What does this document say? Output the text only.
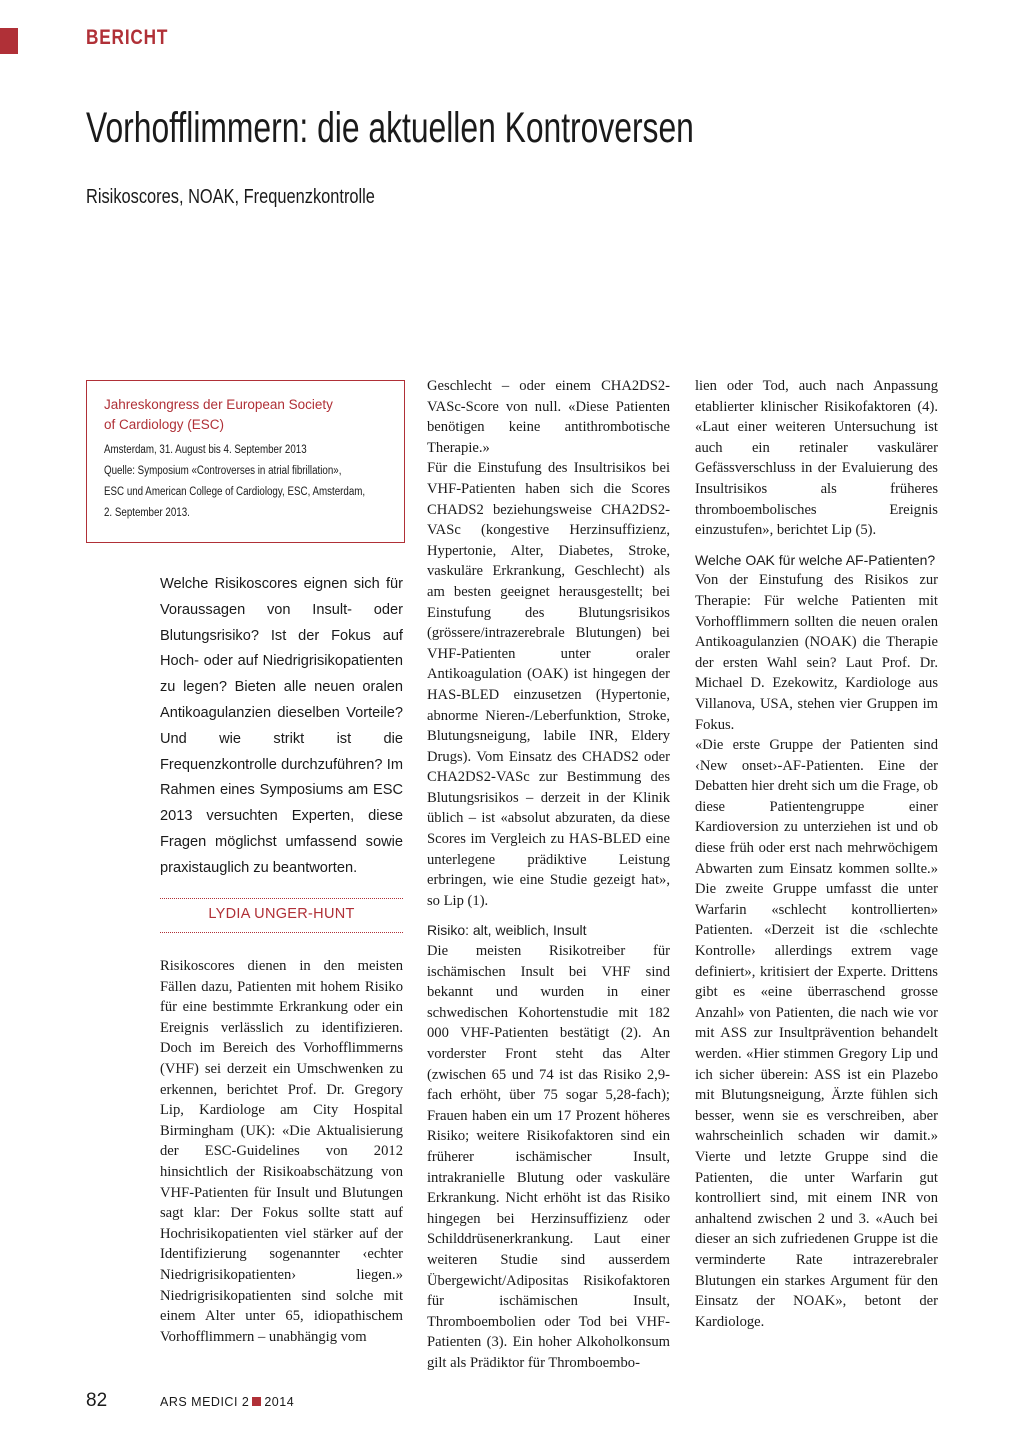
BERICHT
Vorhofflimmern: die aktuellen Kontroversen
Risikoscores, NOAK, Frequenzkontrolle

Jahreskongress der European Society
of Cardiology (ESC)

Amsterdam, 31. August bis 4. September 2013

Quelle: Symposium «Controverses in atrial fibrillation»,

ESC und American College of Cardiology, ESC, Amsterdam,

2. September 2013.

Welche Risikoscores eignen sich für Voraussagen von Insult- oder Blutungsrisiko? Ist der Fokus auf Hoch- oder auf Niedrigrisikopatienten zu legen? Bieten alle neuen oralen Antikoagulanzien dieselben Vorteile? Und wie strikt ist die Frequenzkontrolle durchzuführen? Im Rahmen eines Symposiums am ESC 2013 versuchten Experten, diese Fragen möglichst umfassend sowie praxistauglich zu beantworten.

LYDIA UNGER-HUNT

Risikoscores dienen in den meisten Fällen dazu, Patienten mit hohem Risiko für eine bestimmte Erkrankung oder ein Ereignis verlässlich zu identifizieren. Doch im Bereich des Vorhofflimmerns (VHF) sei derzeit ein Umschwenken zu erkennen, berichtet Prof. Dr. Gregory Lip, Kardiologe am City Hospital Birmingham (UK): «Die Aktualisierung der ESC-Guidelines von 2012 hinsichtlich der Risikoabschätzung von VHF-Patienten für Insult und Blutungen sagt klar: Der Fokus sollte statt auf Hochrisikopatienten viel stärker auf der Identifizierung sogenannter ‹echter Niedrigrisikopatienten› liegen.» Niedrigrisikopatienten sind solche mit einem Alter unter 65, idiopathischem Vorhofflimmern – unabhängig vom

Geschlecht – oder einem CHA2DS2-VASc-Score von null. «Diese Patienten benötigen keine antithrombotische Therapie.»

Für die Einstufung des Insultrisikos bei VHF-Patienten haben sich die Scores CHADS2 beziehungsweise CHA2DS2-VASc (kongestive Herzinsuffizienz, Hypertonie, Alter, Diabetes, Stroke, vaskuläre Erkrankung, Geschlecht) als am besten geeignet herausgestellt; bei Einstufung des Blutungsrisikos (grössere/intrazerebrale Blutungen) bei VHF-Patienten unter oraler Antikoagulation (OAK) ist hingegen der HAS-BLED einzusetzen (Hypertonie, abnorme Nieren-/Leberfunktion, Stroke, Blutungsneigung, labile INR, Eldery Drugs). Vom Einsatz des CHADS2 oder CHA2DS2-VASc zur Bestimmung des Blutungsrisikos – derzeit in der Klinik üblich – ist «absolut abzuraten, da diese Scores im Vergleich zu HAS-BLED eine unterlegene prädiktive Leistung erbringen, wie eine Studie gezeigt hat», so Lip (1).

Risiko: alt, weiblich, Insult

Die meisten Risikotreiber für ischämischen Insult bei VHF sind bekannt und wurden in einer schwedischen Kohortenstudie mit 182 000 VHF-Patienten bestätigt (2). An vorderster Front steht das Alter (zwischen 65 und 74 ist das Risiko 2,9-fach erhöht, über 75 sogar 5,28-fach); Frauen haben ein um 17 Prozent höheres Risiko; weitere Risikofaktoren sind ein früherer ischämischer Insult, intrakranielle Blutung oder vaskuläre Erkrankung. Nicht erhöht ist das Risiko hingegen bei Herzinsuffizienz oder Schilddrüsenerkrankung. Laut einer weiteren Studie sind ausserdem Übergewicht/Adipositas Risikofaktoren für ischämischen Insult, Thromboembolien oder Tod bei VHF-Patienten (3). Ein hoher Alkoholkonsum gilt als Prädiktor für Thromboembo-

lien oder Tod, auch nach Anpassung etablierter klinischer Risikofaktoren (4). «Laut einer weiteren Untersuchung ist auch ein retinaler vaskulärer Gefässverschluss in der Evaluierung des Insultrisikos als früheres thromboembolisches Ereignis einzustufen», berichtet Lip (5).

Welche OAK für welche AF-Patienten?

Von der Einstufung des Risikos zur Therapie: Für welche Patienten mit Vorhofflimmern sollten die neuen oralen Antikoagulanzien (NOAK) die Therapie der ersten Wahl sein? Laut Prof. Dr. Michael D. Ezekowitz, Kardiologe aus Villanova, USA, stehen vier Gruppen im Fokus.

«Die erste Gruppe der Patienten sind ‹New onset›-AF-Patienten. Eine der Debatten hier dreht sich um die Frage, ob diese Patientengruppe einer Kardioversion zu unterziehen ist und ob diese früh oder erst nach mehrwöchigem Abwarten zum Einsatz kommen sollte.» Die zweite Gruppe umfasst die unter Warfarin «schlecht kontrollierten» Patienten. «Derzeit ist die ‹schlechte Kontrolle› allerdings extrem vage definiert», kritisiert der Experte. Drittens gibt es «eine überraschend grosse Anzahl» von Patienten, die nach wie vor mit ASS zur Insultprävention behandelt werden. «Hier stimmen Gregory Lip und ich sicher überein: ASS ist ein Plazebo mit Blutungsneigung, Ärzte fühlen sich besser, wenn sie es verschreiben, aber wahrscheinlich schaden wir damit.» Vierte und letzte Gruppe sind die Patienten, die unter Warfarin gut kontrolliert sind, mit einem INR von anhaltend zwischen 2 und 3. «Auch bei dieser an sich zufriedenen Gruppe ist die verminderte Rate intrazerebraler Blutungen ein starkes Argument für den Einsatz der NOAK», betont der Kardiologe.

82	ARS MEDICI 2 2014
